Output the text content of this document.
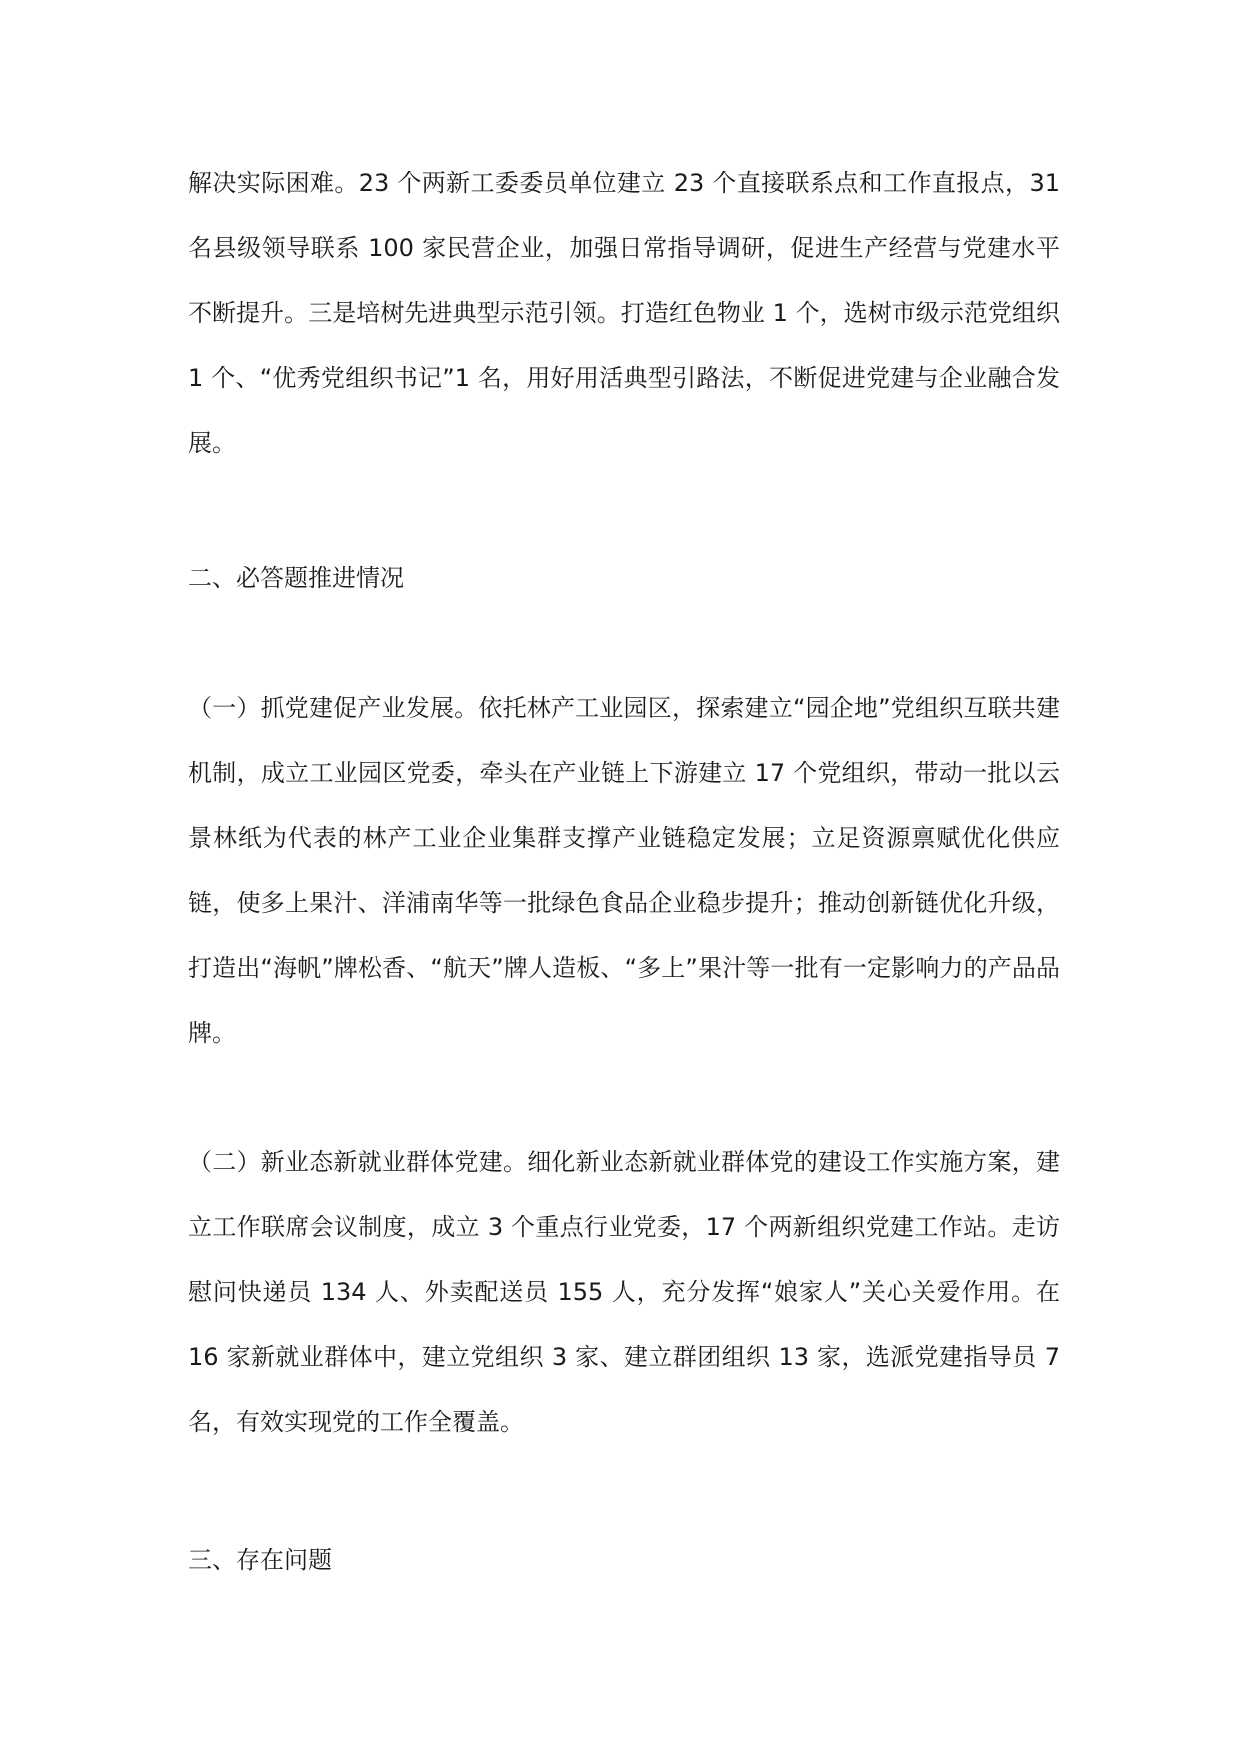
解决实际困难。23 个两新工委委员单位建立 23 个直接联系点和工作直报点，31 名县级领导联系 100 家民营企业，加强日常指导调研，促进生产经营与党建水平不断提升。三是培树先进典型示范引领。打造红色物业 1 个，选树市级示范党组织 1 个、“优秀党组织书记”1 名，用好用活典型引路法，不断促进党建与企业融合发展。

二、必答题推进情况

（一）抓党建促产业发展。依托林产工业园区，探索建立“园企地”党组织互联共建机制，成立工业园区党委，牵头在产业链上下游建立 17 个党组织，带动一批以云景林纸为代表的林产工业企业集群支撑产业链稳定发展；立足资源禀赋优化供应链，使多上果汁、洋浦南华等一批绿色食品企业稳步提升；推动创新链优化升级，打造出“海帆”牌松香、“航天”牌人造板、“多上”果汁等一批有一定影响力的产品品牌。

（二）新业态新就业群体党建。细化新业态新就业群体党的建设工作实施方案，建立工作联席会议制度，成立 3 个重点行业党委，17 个两新组织党建工作站。走访慰问快递员 134 人、外卖配送员 155 人，充分发挥“娘家人”关心关爱作用。在 16 家新就业群体中，建立党组织 3 家、建立群团组织 13 家，选派党建指导员 7 名，有效实现党的工作全覆盖。

三、存在问题
